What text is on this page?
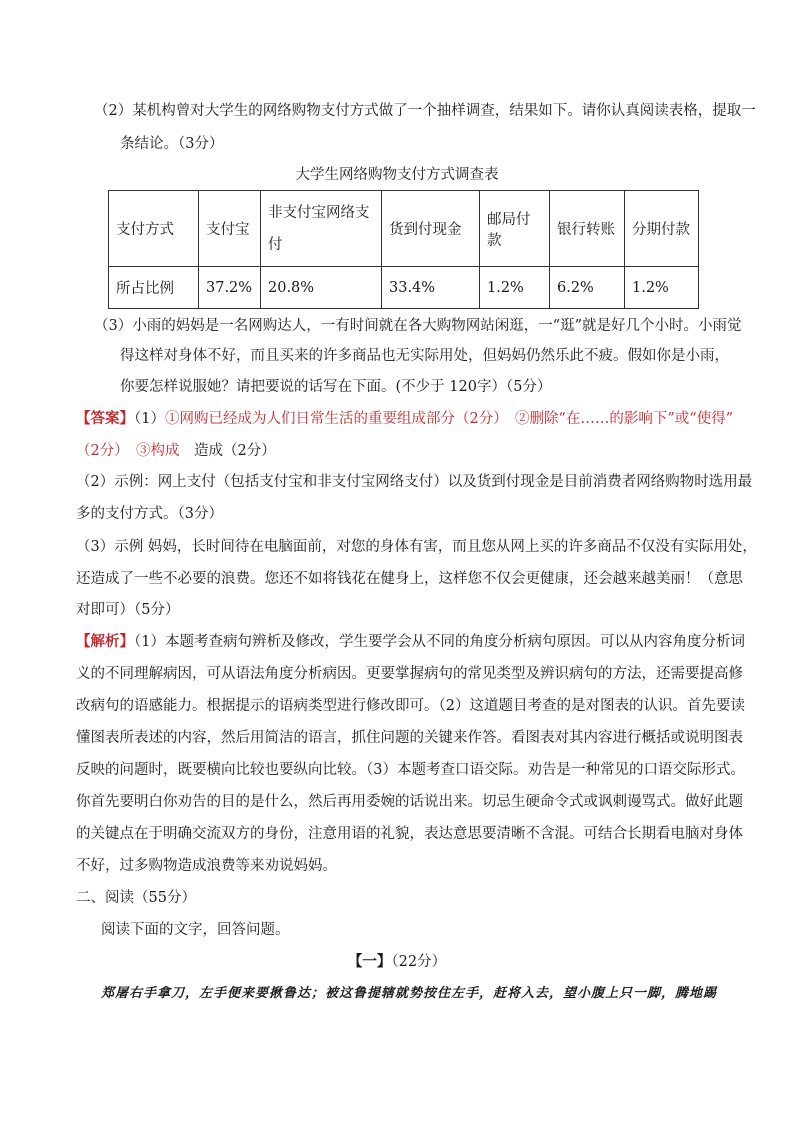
（2）某机构曾对大学生的网络购物支付方式做了一个抽样调查，结果如下。请你认真阅读表格，提取一
条结论。（3分）
大学生网络购物支付方式调查表
支付方式	支付宝	非支付宝网络支付	货到付现金	邮局付款	银行转账	分期付款
所占比例	37.2%	20.8%	33.4%	1.2%	6.2%	1.2%
（3）小雨的妈妈是一名网购达人，一有时间就在各大购物网站闲逛，一“逛”就是好几个小时。小雨觉
得这样对身体不好，而且买来的许多商品也无实际用处，但妈妈仍然乐此不疲。假如你是小雨，
你要怎样说服她？请把要说的话写在下面。(不少于 120字）（5分）
【答案】（1）①网购已经成为人们日常生活的重要组成部分（2分）　②删除“在……的影响下”或“使得”
（2分）　③构成　造成（2分）
（2）示例：网上支付（包括支付宝和非支付宝网络支付）以及货到付现金是目前消费者网络购物时选用最
多的支付方式。（3分）
（3）示例 妈妈，长时间待在电脑面前，对您的身体有害，而且您从网上买的许多商品不仅没有实际用处，
还造成了一些不必要的浪费。您还不如将钱花在健身上，这样您不仅会更健康，还会越来越美丽！（意思
对即可）（5分）
【解析】（1）本题考查病句辨析及修改，学生要学会从不同的角度分析病句原因。可以从内容角度分析词
义的不同理解病因，可从语法角度分析病因。更要掌握病句的常见类型及辨识病句的方法，还需要提高修
改病句的语感能力。根据提示的语病类型进行修改即可。（2）这道题目考查的是对图表的认识。首先要读
懂图表所表述的内容，然后用简洁的语言，抓住问题的关键来作答。看图表对其内容进行概括或说明图表
反映的问题时，既要横向比较也要纵向比较。（3）本题考查口语交际。劝告是一种常见的口语交际形式。
你首先要明白你劝告的目的是什么，然后再用委婉的话说出来。切忌生硬命令式或讽刺谩骂式。做好此题
的关键点在于明确交流双方的身份，注意用语的礼貌，表达意思要清晰不含混。可结合长期看电脑对身体
不好，过多购物造成浪费等来劝说妈妈。
二、阅读（55分）
阅读下面的文字，回答问题。
【一】（22分）
郑屠右手拿刀，左手便来要揪鲁达；被这鲁提辖就势按住左手，赶将入去，望小腹上只一脚，腾地踢
